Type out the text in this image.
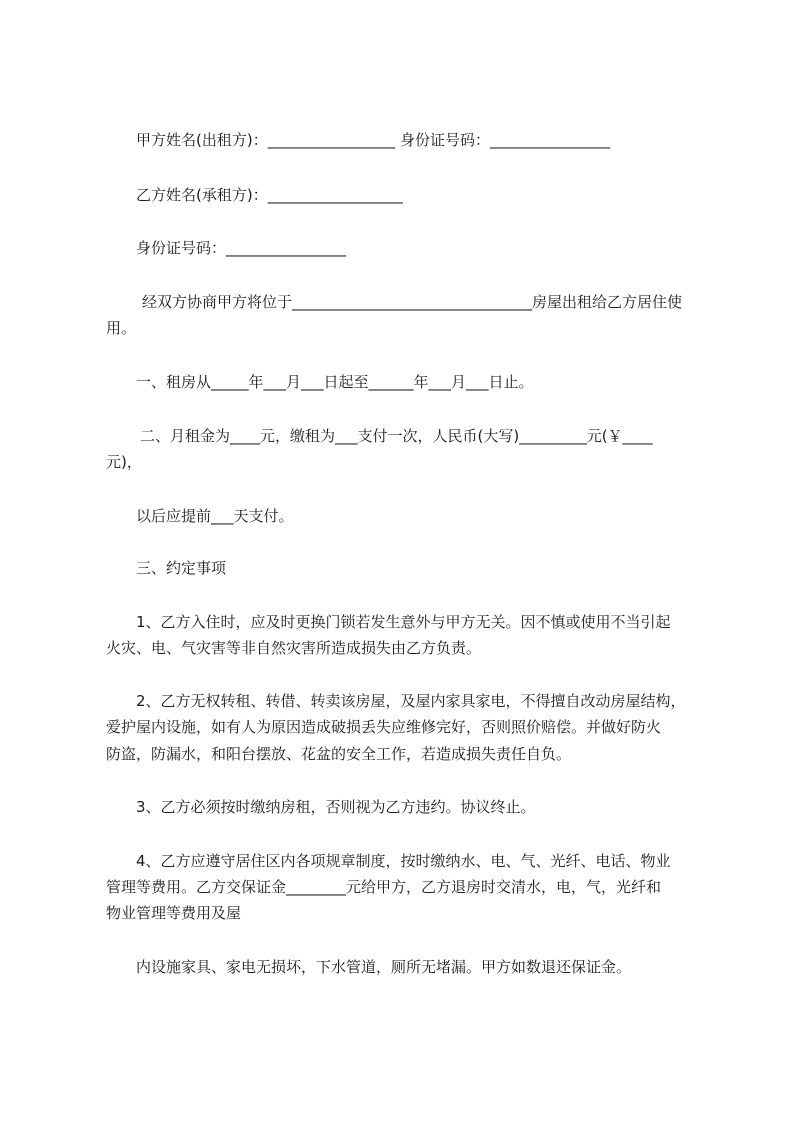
甲方姓名(出租方)：_________________ 身份证号码：________________
乙方姓名(承租方)：__________________
身份证号码：________________
经双方协商甲方将位于________________________________房屋出租给乙方居住使
用。
一、租房从_____年___月___日起至______年___月___日止。
二、月租金为____元，缴租为___支付一次，人民币(大写)_________元(￥____
元)，
以后应提前___天支付。
三、约定事项
1、乙方入住时，应及时更换门锁若发生意外与甲方无关。因不慎或使用不当引起
火灾、电、气灾害等非自然灾害所造成损失由乙方负责。
2、乙方无权转租、转借、转卖该房屋，及屋内家具家电，不得擅自改动房屋结构，
爱护屋内设施，如有人为原因造成破损丢失应维修完好，否则照价赔偿。并做好防火
防盗，防漏水，和阳台摆放、花盆的安全工作，若造成损失责任自负。
3、乙方必须按时缴纳房租，否则视为乙方违约。协议终止。
4、乙方应遵守居住区内各项规章制度，按时缴纳水、电、气、光纤、电话、物业
管理等费用。乙方交保证金________元给甲方，乙方退房时交清水，电，气，光纤和
物业管理等费用及屋
内设施家具、家电无损坏，下水管道，厕所无堵漏。甲方如数退还保证金。
